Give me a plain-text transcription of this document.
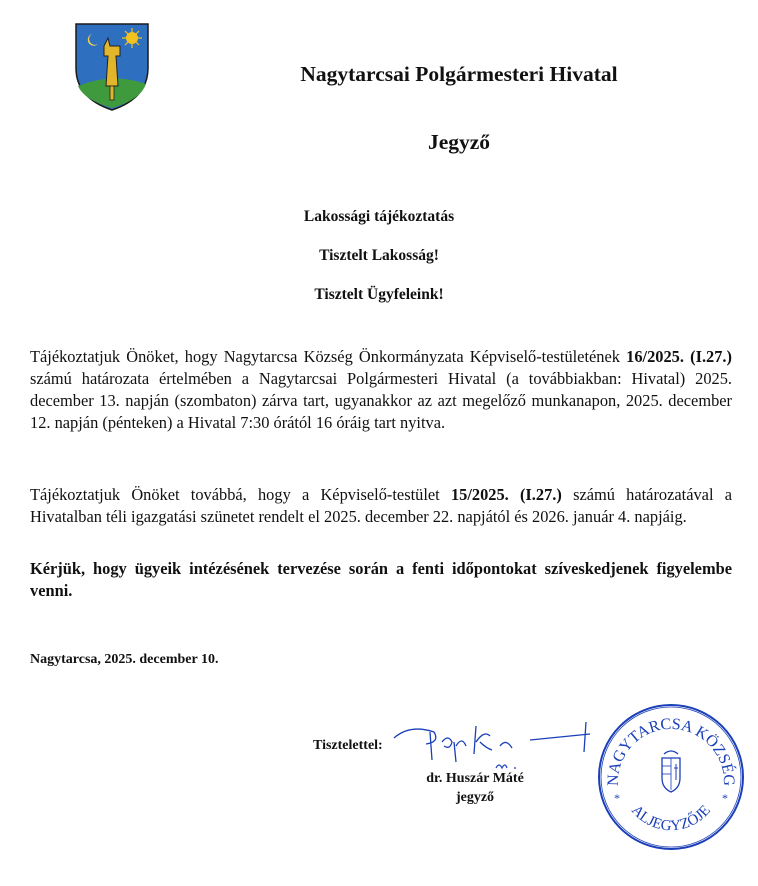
Nagytarcsai Polgármesteri Hivatal
Jegyző
Lakossági tájékoztatás
Tisztelt Lakosság!
Tisztelt Ügyfeleink!

Tájékoztatjuk Önöket, hogy Nagytarcsa Község Önkormányzata Képviselő-testületének 16/2025. (I.27.) számú határozata értelmében a Nagytarcsai Polgármesteri Hivatal (a továbbiakban: Hivatal) 2025. december 13. napján (szombaton) zárva tart, ugyanakkor az azt megelőző munkanapon, 2025. december 12. napján (pénteken) a Hivatal 7:30 órától 16 óráig tart nyitva.

Tájékoztatjuk Önöket továbbá, hogy a Képviselő-testület 15/2025. (I.27.) számú határozatával a Hivatalban téli igazgatási szünetet rendelt el 2025. december 22. napjától és 2026. január 4. napjáig.

Kérjük, hogy ügyeik intézésének tervezése során a fenti időpontokat szíveskedjenek figyelembe venni.

Nagytarcsa, 2025. december 10.
Tisztelettel:
dr. Huszár Máté
jegyző
NAGYTARCSA KÖZSÉG
ALJEGYZŐJE
*	*
